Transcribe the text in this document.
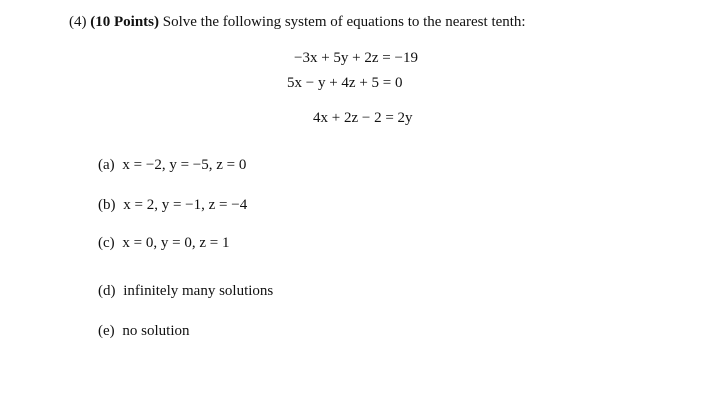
(4) (10 Points) Solve the following system of equations to the nearest tenth:
−3x + 5y + 2z = −19
5x − y + 4z + 5 = 0
4x + 2z − 2 = 2y
(a) x = −2, y = −5, z = 0
(b) x = 2, y = −1, z = −4
(c) x = 0, y = 0, z = 1
(d) infinitely many solutions
(e) no solution
